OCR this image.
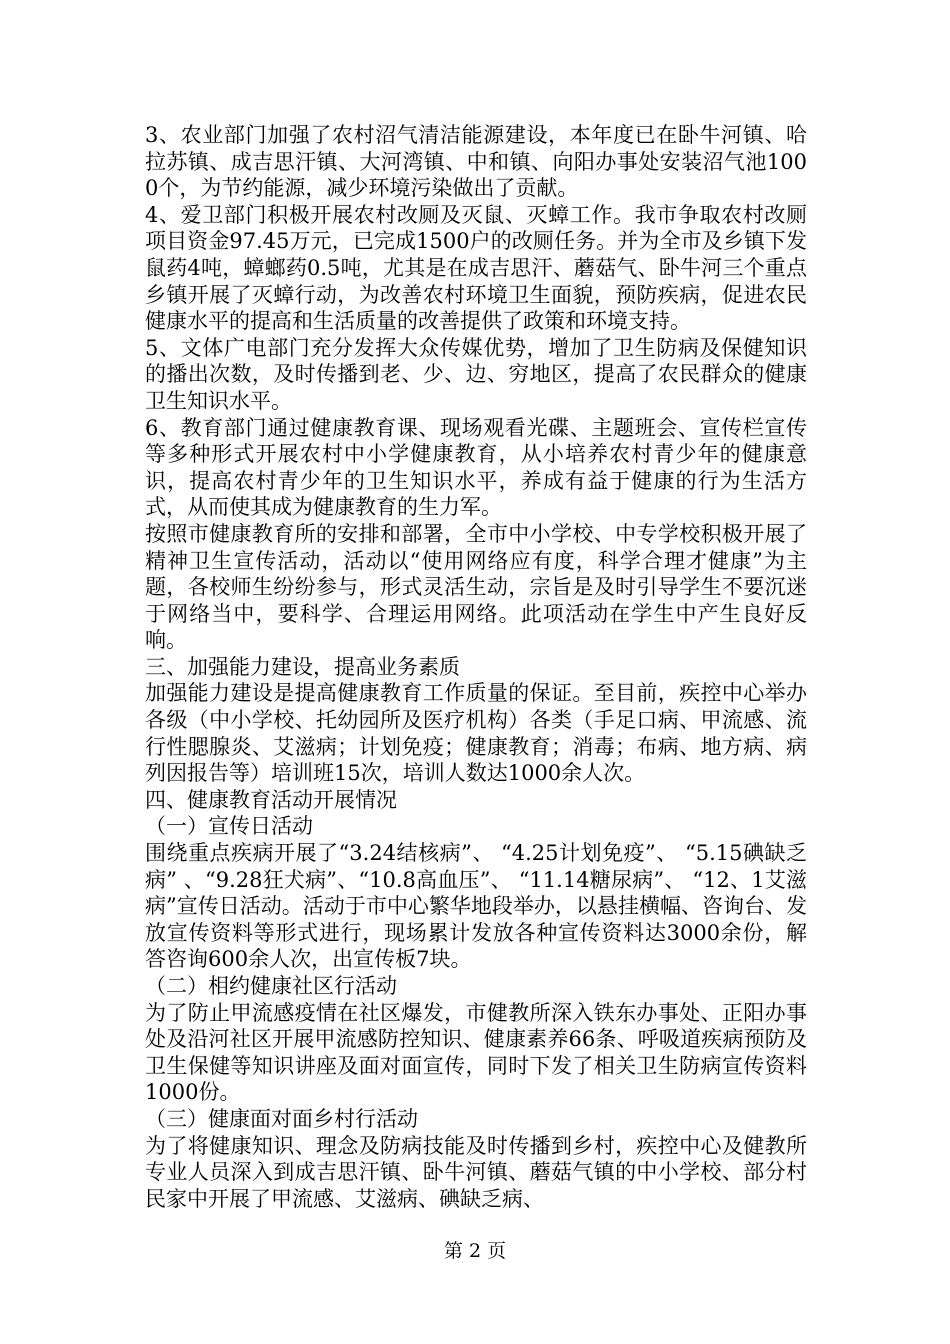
3、农业部门加强了农村沼气清洁能源建设，本年度已在卧牛河镇、哈拉苏镇、成吉思汗镇、大河湾镇、中和镇、向阳办事处安装沼气池1000个，为节约能源，减少环境污染做出了贡献。

4、爱卫部门积极开展农村改厕及灭鼠、灭蟑工作。我市争取农村改厕项目资金97.45万元，已完成1500户的改厕任务。并为全市及乡镇下发鼠药4吨，蟑螂药0.5吨，尤其是在成吉思汗、蘑菇气、卧牛河三个重点乡镇开展了灭蟑行动，为改善农村环境卫生面貌，预防疾病，促进农民健康水平的提高和生活质量的改善提供了政策和环境支持。

5、文体广电部门充分发挥大众传媒优势，增加了卫生防病及保健知识的播出次数，及时传播到老、少、边、穷地区，提高了农民群众的健康卫生知识水平。

6、教育部门通过健康教育课、现场观看光碟、主题班会、宣传栏宣传等多种形式开展农村中小学健康教育，从小培养农村青少年的健康意识，提高农村青少年的卫生知识水平，养成有益于健康的行为生活方式，从而使其成为健康教育的生力军。

按照市健康教育所的安排和部署，全市中小学校、中专学校积极开展了精神卫生宣传活动，活动以“使用网络应有度，科学合理才健康”为主题，各校师生纷纷参与，形式灵活生动，宗旨是及时引导学生不要沉迷于网络当中，要科学、合理运用网络。此项活动在学生中产生良好反响。

三、加强能力建设，提高业务素质

加强能力建设是提高健康教育工作质量的保证。至目前，疾控中心举办各级（中小学校、托幼园所及医疗机构）各类（手足口病、甲流感、流行性腮腺炎、艾滋病；计划免疫；健康教育；消毒；布病、地方病、病列因报告等）培训班15次，培训人数达1000余人次。

四、健康教育活动开展情况

（一）宣传日活动

围绕重点疾病开展了“3.24结核病”、 “4.25计划免疫”、 “5.15碘缺乏病” 、“9.28狂犬病”、“10.8高血压”、 “11.14糖尿病”、 “12、1艾滋病”宣传日活动。活动于市中心繁华地段举办，以悬挂横幅、咨询台、发放宣传资料等形式进行，现场累计发放各种宣传资料达3000余份，解答咨询600余人次，出宣传板7块。

（二）相约健康社区行活动

为了防止甲流感疫情在社区爆发，市健教所深入铁东办事处、正阳办事处及沿河社区开展甲流感防控知识、健康素养66条、呼吸道疾病预防及卫生保健等知识讲座及面对面宣传，同时下发了相关卫生防病宣传资料1000份。

（三）健康面对面乡村行活动

为了将健康知识、理念及防病技能及时传播到乡村，疾控中心及健教所专业人员深入到成吉思汗镇、卧牛河镇、蘑菇气镇的中小学校、部分村民家中开展了甲流感、艾滋病、碘缺乏病、

第 2 页
